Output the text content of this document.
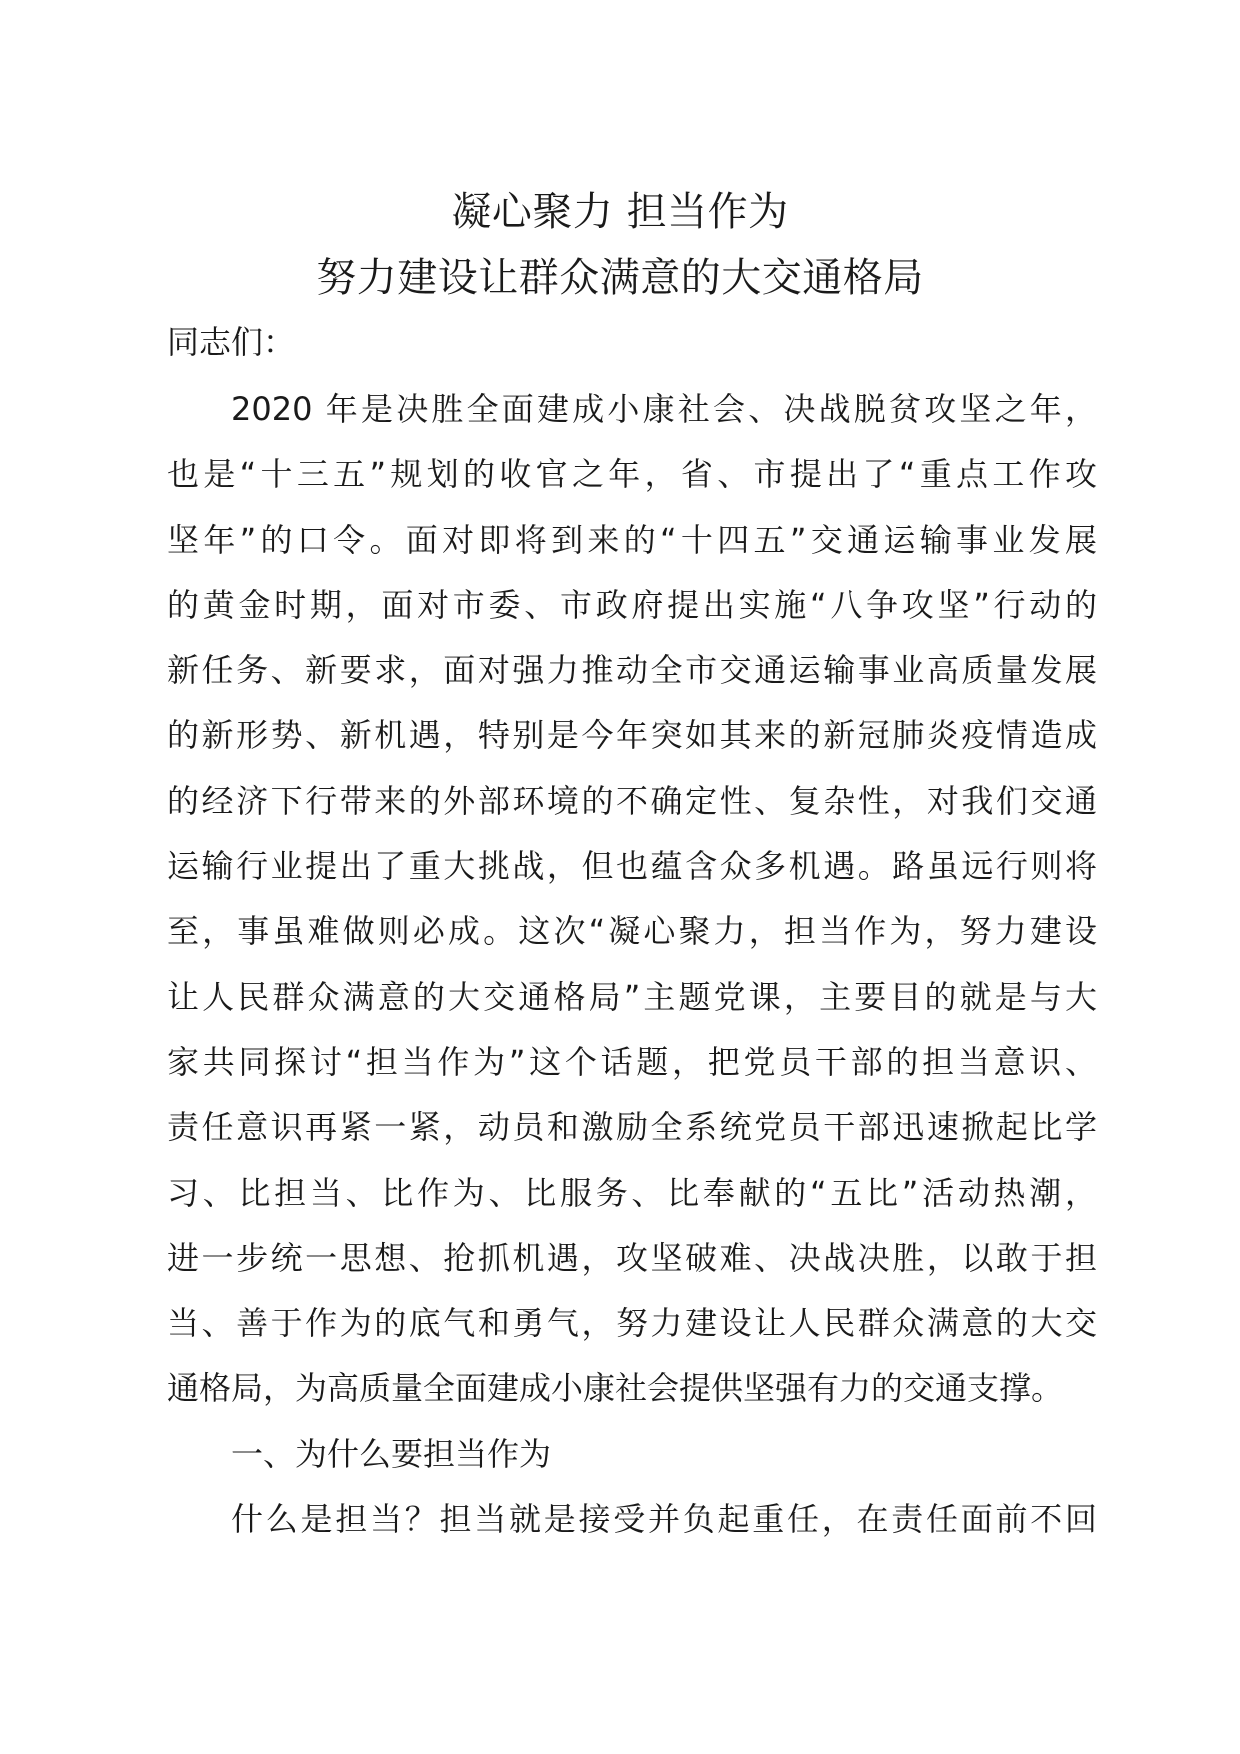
凝心聚力 担当作为
努力建设让群众满意的大交通格局
同志们：
2020 年是决胜全面建成小康社会、决战脱贫攻坚之年，
也是“十三五”规划的收官之年，省、市提出了“重点工作攻
坚年”的口令。面对即将到来的“十四五”交通运输事业发展
的黄金时期，面对市委、市政府提出实施“八争攻坚”行动的
新任务、新要求，面对强力推动全市交通运输事业高质量发展
的新形势、新机遇，特别是今年突如其来的新冠肺炎疫情造成
的经济下行带来的外部环境的不确定性、复杂性，对我们交通
运输行业提出了重大挑战，但也蕴含众多机遇。路虽远行则将
至，事虽难做则必成。这次“凝心聚力，担当作为，努力建设
让人民群众满意的大交通格局”主题党课，主要目的就是与大
家共同探讨“担当作为”这个话题，把党员干部的担当意识、
责任意识再紧一紧，动员和激励全系统党员干部迅速掀起比学
习、比担当、比作为、比服务、比奉献的“五比”活动热潮，
进一步统一思想、抢抓机遇，攻坚破难、决战决胜，以敢于担
当、善于作为的底气和勇气，努力建设让人民群众满意的大交
通格局，为高质量全面建成小康社会提供坚强有力的交通支撑。
一、为什么要担当作为
什么是担当？担当就是接受并负起重任，在责任面前不回
